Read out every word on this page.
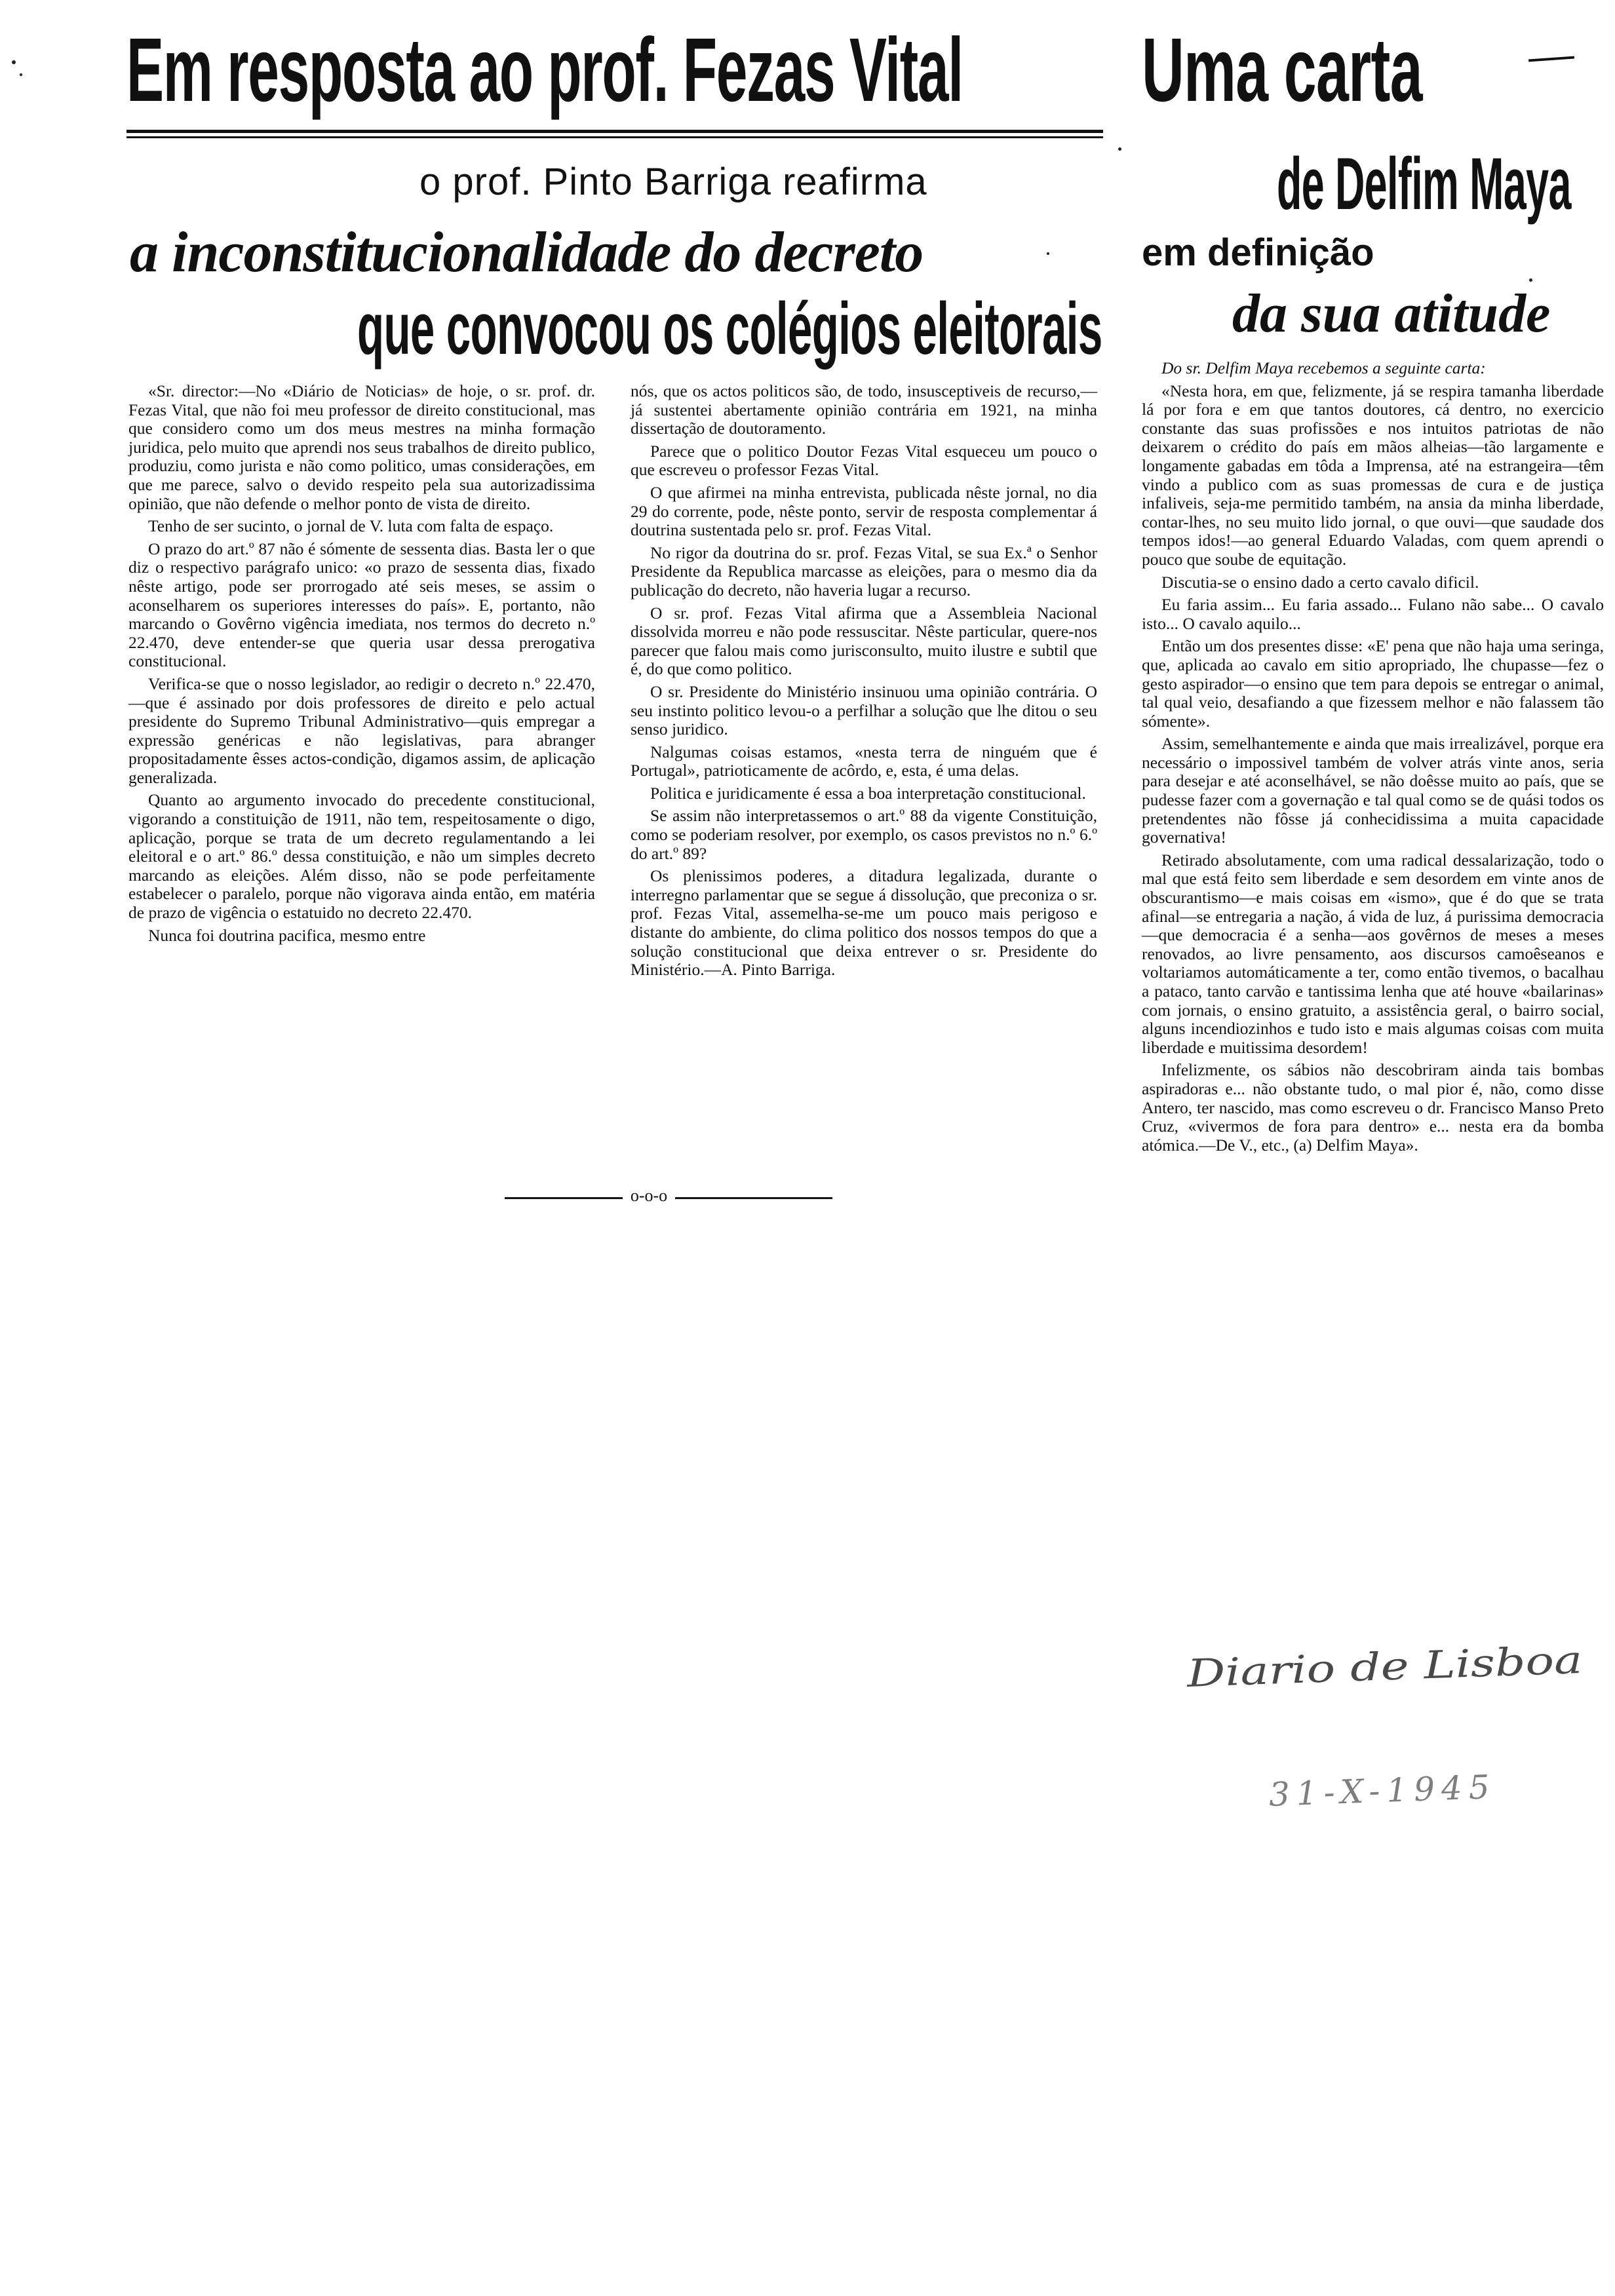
Em resposta ao prof. Fezas Vital
o prof. Pinto Barriga reafirma
a inconstitucionalidade do decreto
que convocou os colégios eleitorais

«Sr. director:—No «Diário de Noticias» de hoje, o sr. prof. dr. Fezas Vital, que não foi meu professor de direito constitucional, mas que considero como um dos meus mestres na minha formação juridica, pelo muito que aprendi nos seus trabalhos de direito publico, produziu, como jurista e não como politico, umas considerações, em que me parece, salvo o devido respeito pela sua autorizadissima opinião, que não defende o melhor ponto de vista de direito.

Tenho de ser sucinto, o jornal de V. luta com falta de espaço.

O prazo do art.º 87 não é sómente de sessenta dias. Basta ler o que diz o respectivo parágrafo unico: «o prazo de sessenta dias, fixado nêste artigo, pode ser prorrogado até seis meses, se assim o aconselharem os superiores interesses do país». E, portanto, não marcando o Govêrno vigência imediata, nos termos do decreto n.º 22.470, deve entender-se que queria usar dessa prerogativa constitucional.

Verifica-se que o nosso legislador, ao redigir o decreto n.º 22.470,—que é assinado por dois professores de direito e pelo actual presidente do Supremo Tribunal Administrativo—quis empregar a expressão genéricas e não legislativas, para abranger propositadamente êsses actos-condição, digamos assim, de aplicação generalizada.

Quanto ao argumento invocado do precedente constitucional, vigorando a constituição de 1911, não tem, respeitosamente o digo, aplicação, porque se trata de um decreto regulamentando a lei eleitoral e o art.º 86.º dessa constituição, e não um simples decreto marcando as eleições. Além disso, não se pode perfeitamente estabelecer o paralelo, porque não vigorava ainda então, em matéria de prazo de vigência o estatuido no decreto 22.470.

Nunca foi doutrina pacifica, mesmo entre

nós, que os actos politicos são, de todo, insusceptiveis de recurso,—já sustentei abertamente opinião contrária em 1921, na minha dissertação de doutoramento.

Parece que o politico Doutor Fezas Vital esqueceu um pouco o que escreveu o professor Fezas Vital.

O que afirmei na minha entrevista, publicada nêste jornal, no dia 29 do corrente, pode, nêste ponto, servir de resposta complementar á doutrina sustentada pelo sr. prof. Fezas Vital.

No rigor da doutrina do sr. prof. Fezas Vital, se sua Ex.ª o Senhor Presidente da Republica marcasse as eleições, para o mesmo dia da publicação do decreto, não haveria lugar a recurso.

O sr. prof. Fezas Vital afirma que a Assembleia Nacional dissolvida morreu e não pode ressuscitar. Nêste particular, quere-nos parecer que falou mais como jurisconsulto, muito ilustre e subtil que é, do que como politico.

O sr. Presidente do Ministério insinuou uma opinião contrária. O seu instinto politico levou-o a perfilhar a solução que lhe ditou o seu senso juridico.

Nalgumas coisas estamos, «nesta terra de ninguém que é Portugal», patrioticamente de acôrdo, e, esta, é uma delas.

Politica e juridicamente é essa a boa interpretação constitucional.

Se assim não interpretassemos o art.º 88 da vigente Constituição, como se poderiam resolver, por exemplo, os casos previstos no n.º 6.º do art.º 89?

Os plenissimos poderes, a ditadura legalizada, durante o interregno parlamentar que se segue á dissolução, que preconiza o sr. prof. Fezas Vital, assemelha-se-me um pouco mais perigoso e distante do ambiente, do clima politico dos nossos tempos do que a solução constitucional que deixa entrever o sr. Presidente do Ministério.—A. Pinto Barriga.

o-o-o
Uma carta
de Delfim Maya
em definição
da sua atitude

Do sr. Delfim Maya recebemos a seguinte carta:

«Nesta hora, em que, felizmente, já se respira tamanha liberdade lá por fora e em que tantos doutores, cá dentro, no exercicio constante das suas profissões e nos intuitos patriotas de não deixarem o crédito do país em mãos alheias—tão largamente e longamente gabadas em tôda a Imprensa, até na estrangeira—têm vindo a publico com as suas promessas de cura e de justiça infaliveis, seja-me permitido também, na ansia da minha liberdade, contar-lhes, no seu muito lido jornal, o que ouvi—que saudade dos tempos idos!—ao general Eduardo Valadas, com quem aprendi o pouco que soube de equitação.

Discutia-se o ensino dado a certo cavalo dificil.

Eu faria assim... Eu faria assado... Fulano não sabe... O cavalo isto... O cavalo aquilo...

Então um dos presentes disse: «E' pena que não haja uma seringa, que, aplicada ao cavalo em sitio apropriado, lhe chupasse—fez o gesto aspirador—o ensino que tem para depois se entregar o animal, tal qual veio, desafiando a que fizessem melhor e não falassem tão sómente».

Assim, semelhantemente e ainda que mais irrealizável, porque era necessário o impossivel também de volver atrás vinte anos, seria para desejar e até aconselhável, se não doêsse muito ao país, que se pudesse fazer com a governação e tal qual como se de quási todos os pretendentes não fôsse já conhecidissima a muita capacidade governativa!

Retirado absolutamente, com uma radical dessalarização, todo o mal que está feito sem liberdade e sem desordem em vinte anos de obscurantismo—e mais coisas em «ismo», que é do que se trata afinal—se entregaria a nação, á vida de luz, á purissima democracia—que democracia é a senha—aos govêrnos de meses a meses renovados, ao livre pensamento, aos discursos camoêseanos e voltariamos automáticamente a ter, como então tivemos, o bacalhau a pataco, tanto carvão e tantissima lenha que até houve «bailarinas» com jornais, o ensino gratuito, a assistência geral, o bairro social, alguns incendiozinhos e tudo isto e mais algumas coisas com muita liberdade e muitissima desordem!

Infelizmente, os sábios não descobriram ainda tais bombas aspiradoras e... não obstante tudo, o mal pior é, não, como disse Antero, ter nascido, mas como escreveu o dr. Francisco Manso Preto Cruz, «vivermos de fora para dentro» e... nesta era da bomba atómica.—De V., etc., (a) Delfim Maya».

Diario de Lisboa
31-X-1945
